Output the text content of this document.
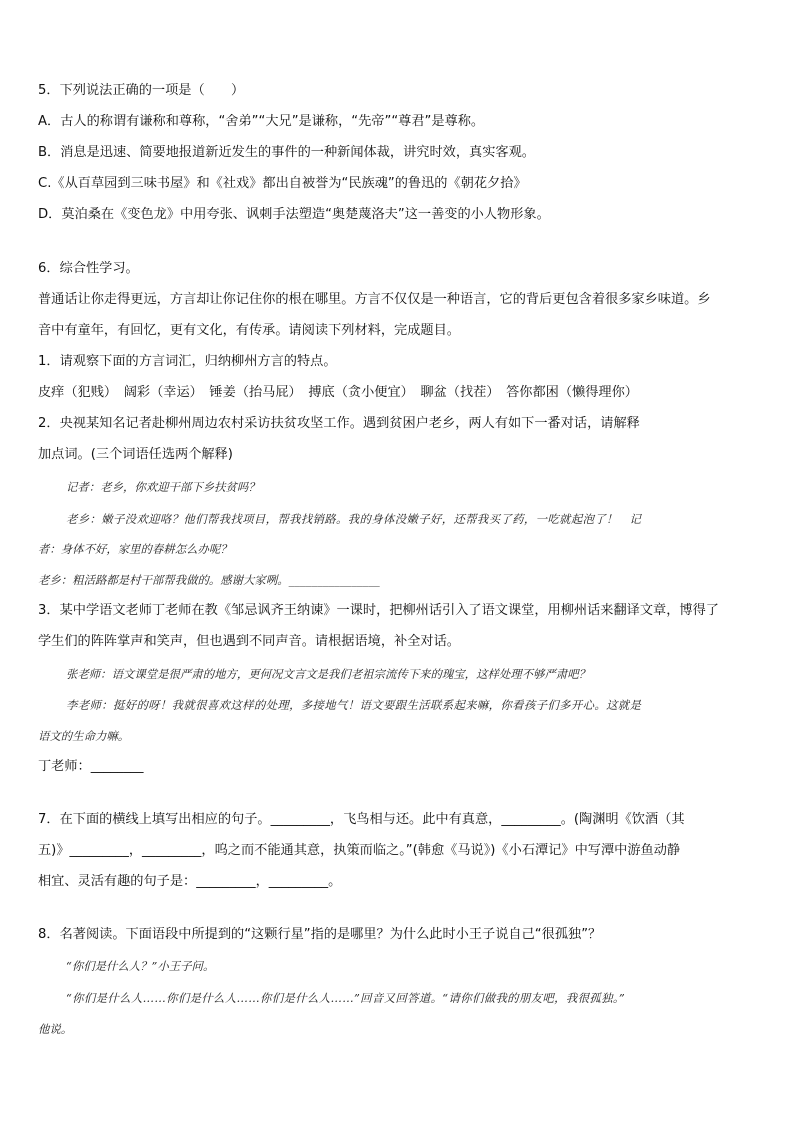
5．下列说法正确的一项是（　　）
A．古人的称谓有谦称和尊称，“舍弟”“大兄”是谦称，“先帝”“尊君”是尊称。
B．消息是迅速、简要地报道新近发生的事件的一种新闻体裁，讲究时效，真实客观。
C.《从百草园到三味书屋》和《社戏》都出自被誉为“民族魂”的鲁迅的《朝花夕拾》
D．莫泊桑在《变色龙》中用夸张、讽刺手法塑造“奥楚蔑洛夫”这一善变的小人物形象。
6．综合性学习。
普通话让你走得更远，方言却让你记住你的根在哪里。方言不仅仅是一种语言，它的背后更包含着很多家乡味道。乡
音中有童年，有回忆，更有文化，有传承。请阅读下列材料，完成题目。
1．请观察下面的方言词汇，归纳柳州方言的特点。
皮痒（犯贱）　阔彩（幸运）　锤姜（抬马屁）　搏底（贪小便宜）　聊盆（找茬）　答你都困（懒得理你）
2．央视某知名记者赴柳州周边农村采访扶贫攻坚工作。遇到贫困户老乡，两人有如下一番对话，请解释
加点词。(三个词语任选两个解释)
记者：老乡，你欢迎干部下乡扶贫吗？
老乡：嫩子没欢迎咯？他们帮我找项目，帮我找销路。我的身体没嫩子好，还帮我买了药，一吃就起泡了！　记
者：身体不好，家里的春耕怎么办呢？
老乡：粗活路都是村干部帮我做的。感谢大家咧。________________
3．某中学语文老师丁老师在教《邹忌讽齐王纳谏》一课时，把柳州话引入了语文课堂，用柳州话来翻译文章，博得了
学生们的阵阵掌声和笑声，但也遇到不同声音。请根据语境，补全对话。
张老师：语文课堂是很严肃的地方，更何况文言文是我们老祖宗流传下来的瑰宝，这样处理不够严肃吧？
李老师：挺好的呀！我就很喜欢这样的处理，多接地气！语文要跟生活联系起来嘛，你看孩子们多开心。这就是
语文的生命力嘛。
丁老师：________
7．在下面的横线上填写出相应的句子。_________，飞鸟相与还。此中有真意，_________。(陶渊明《饮酒（其
五)》_________，_________，呜之而不能通其意，执策而临之。”(韩愈《马说》)《小石潭记》中写潭中游鱼动静
相宜、灵活有趣的句子是：_________，_________。
8．名著阅读。下面语段中所提到的“这颗行星”指的是哪里？为什么此时小王子说自己“很孤独”？
“你们是什么人？”小王子问。
“你们是什么人……你们是什么人……你们是什么人……”回音又回答道。“请你们做我的朋友吧，我很孤独。”
他说。
